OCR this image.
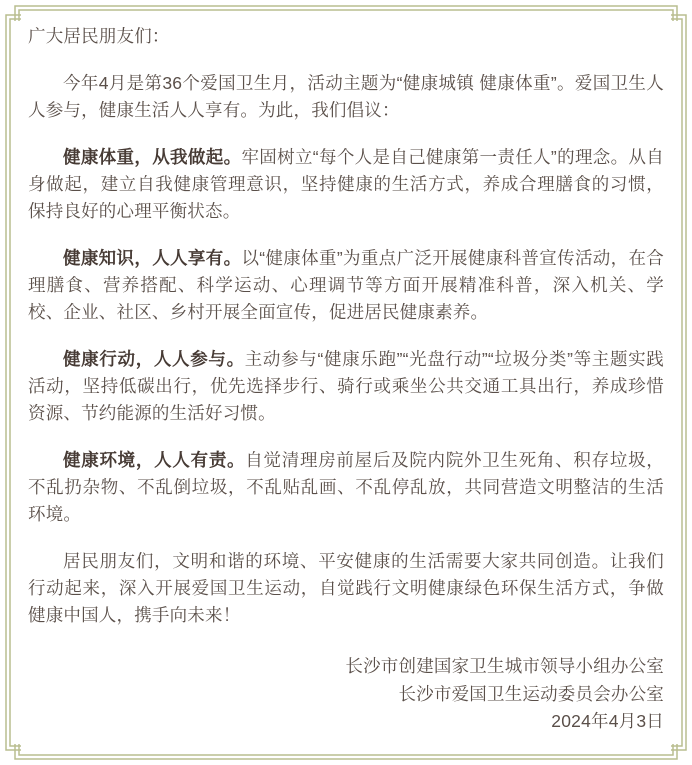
广大居民朋友们：

今年4月是第36个爱国卫生月，活动主题为“健康城镇 健康体重”。爱国卫生人人参与，健康生活人人享有。为此，我们倡议：

健康体重，从我做起。牢固树立“每个人是自己健康第一责任人”的理念。从自身做起，建立自我健康管理意识，坚持健康的生活方式，养成合理膳食的习惯，保持良好的心理平衡状态。

健康知识，人人享有。以“健康体重”为重点广泛开展健康科普宣传活动，在合理膳食、营养搭配、科学运动、心理调节等方面开展精准科普，深入机关、学校、企业、社区、乡村开展全面宣传，促进居民健康素养。

健康行动，人人参与。主动参与“健康乐跑”“光盘行动”“垃圾分类”等主题实践活动，坚持低碳出行，优先选择步行、骑行或乘坐公共交通工具出行，养成珍惜资源、节约能源的生活好习惯。

健康环境，人人有责。自觉清理房前屋后及院内院外卫生死角、积存垃圾，不乱扔杂物、不乱倒垃圾，不乱贴乱画、不乱停乱放，共同营造文明整洁的生活环境。

居民朋友们，文明和谐的环境、平安健康的生活需要大家共同创造。让我们行动起来，深入开展爱国卫生运动，自觉践行文明健康绿色环保生活方式，争做健康中国人，携手向未来！

长沙市创建国家卫生城市领导小组办公室

长沙市爱国卫生运动委员会办公室

2024年4月3日
